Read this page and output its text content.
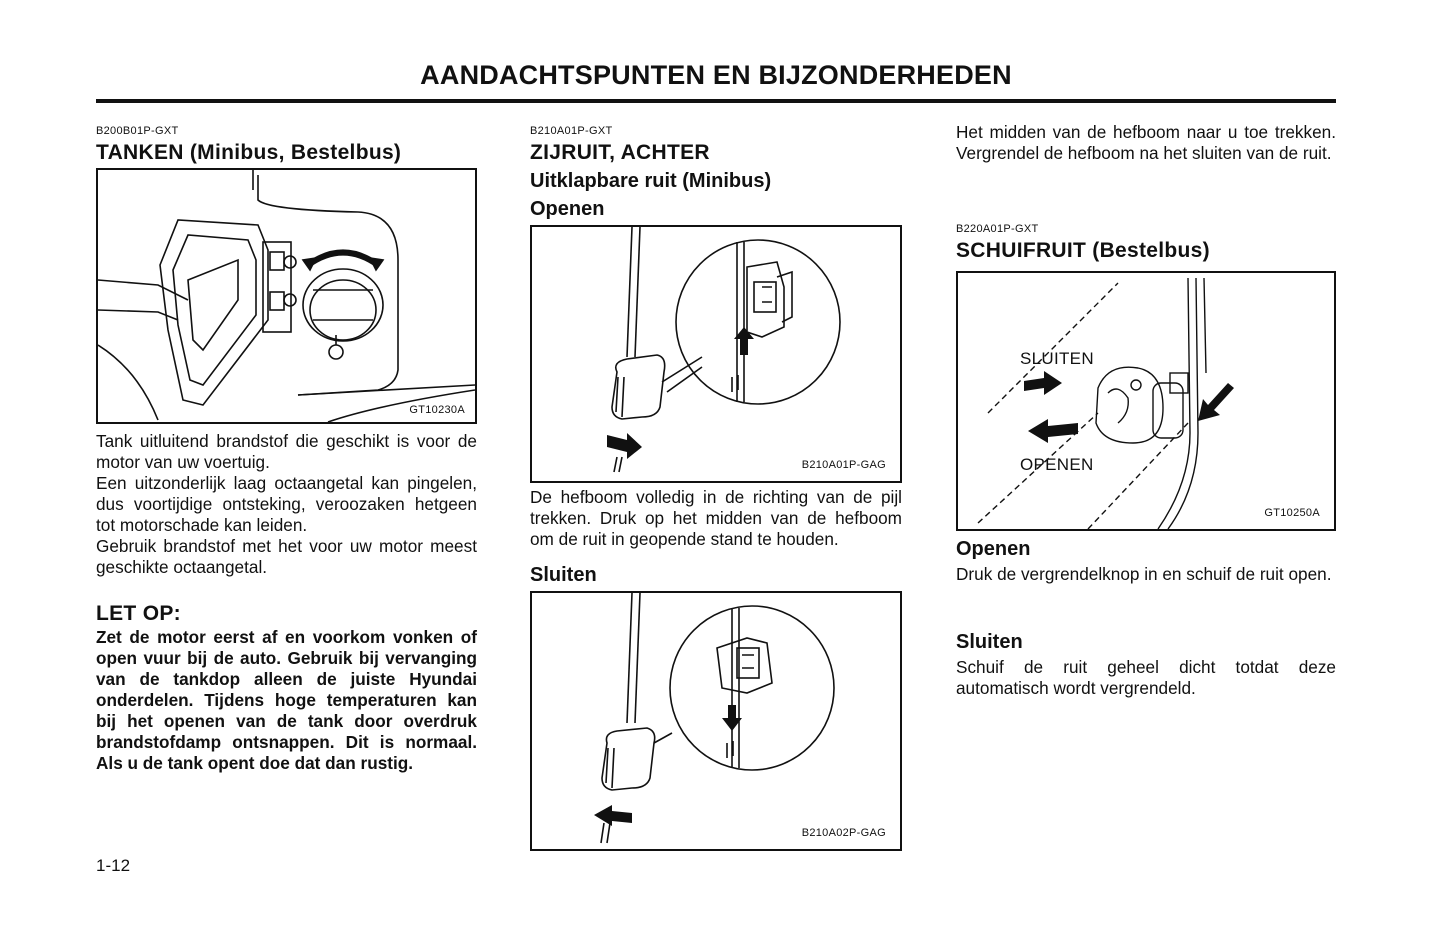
AANDACHTSPUNTEN EN BIJZONDERHEDEN
B200B01P-GXT
TANKEN (Minibus, Bestelbus)
GT10230A

Tank uitluitend brandstof die geschikt is voor de motor van uw voertuig.

Een uitzonderlijk laag octaangetal kan pingelen, dus voortijdige ontsteking, veroozaken hetgeen tot motorschade kan leiden.

Gebruik brandstof met het voor uw motor meest geschikte octaangetal.

LET OP:
Zet de motor eerst af en voorkom vonken of open vuur bij de auto. Gebruik bij vervanging van de tankdop alleen de juiste Hyundai onderdelen. Tijdens hoge temperaturen kan bij het openen van de tank door overdruk brandstofdamp ontsnappen. Dit is normaal. Als u de tank opent doe dat dan rustig.
B210A01P-GXT
ZIJRUIT, ACHTER
Uitklapbare ruit (Minibus)
Openen
B210A01P-GAG
De hefboom volledig in de richting van de pijl trekken. Druk op het midden van de hefboom om de ruit in geopende stand te houden.
Sluiten
B210A02P-GAG
Het midden van de hefboom naar u toe trekken. Vergrendel de hefboom na het sluiten van de ruit.
B220A01P-GXT
SCHUIFRUIT (Bestelbus)
SLUITEN
OPENEN
GT10250A
Openen
Druk de vergrendelknop in en schuif de ruit open.
Sluiten
Schuif de ruit geheel dicht totdat deze automatisch wordt vergrendeld.
1-12
